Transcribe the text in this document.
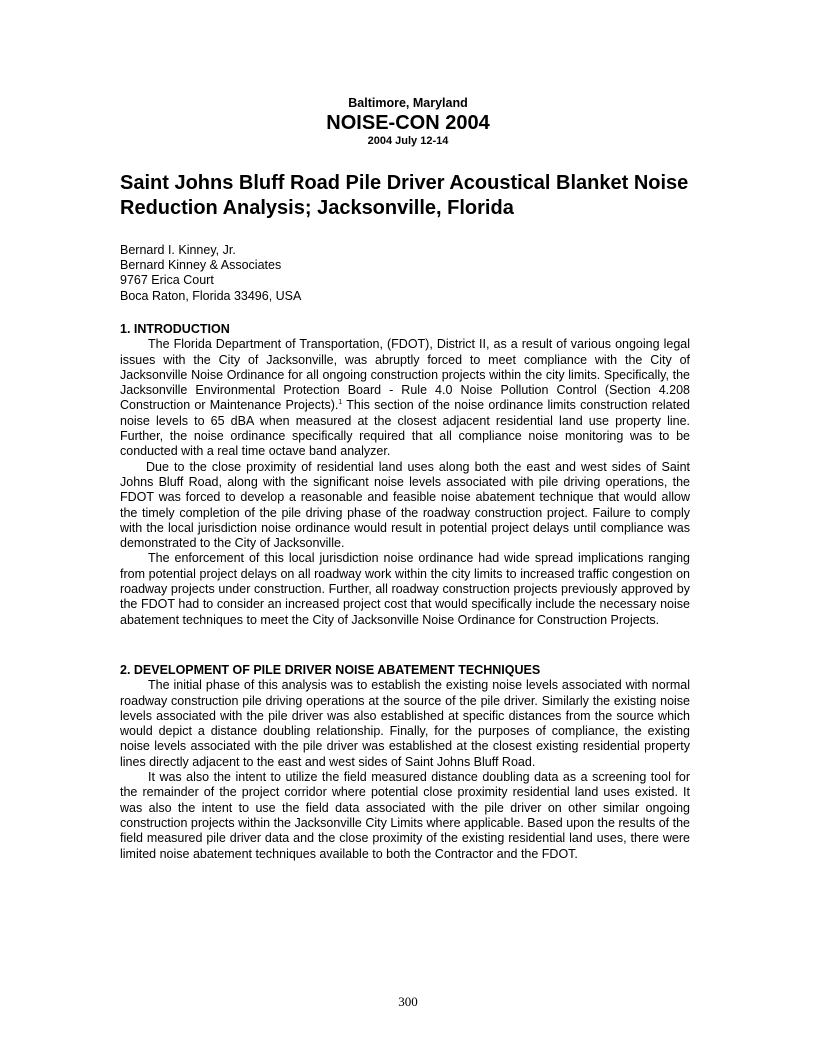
Baltimore, Maryland
NOISE-CON 2004
2004 July 12-14
Saint Johns Bluff Road Pile Driver Acoustical Blanket Noise Reduction Analysis; Jacksonville, Florida
Bernard I. Kinney, Jr.
Bernard Kinney & Associates
9767 Erica Court
Boca Raton, Florida 33496, USA
1. INTRODUCTION

The Florida Department of Transportation, (FDOT), District II, as a result of various ongoing legal issues with the City of Jacksonville, was abruptly forced to meet compliance with the City of Jacksonville Noise Ordinance for all ongoing construction projects within the city limits. Specifically, the Jacksonville Environmental Protection Board - Rule 4.0 Noise Pollution Control (Section 4.208 Construction or Maintenance Projects).$^1$ This section of the noise ordinance limits construction related noise levels to 65 dBA when measured at the closest adjacent residential land use property line. Further, the noise ordinance specifically required that all compliance noise monitoring was to be conducted with a real time octave band analyzer.

Due to the close proximity of residential land uses along both the east and west sides of Saint Johns Bluff Road, along with the significant noise levels associated with pile driving operations, the FDOT was forced to develop a reasonable and feasible noise abatement technique that would allow the timely completion of the pile driving phase of the roadway construction project. Failure to comply with the local jurisdiction noise ordinance would result in potential project delays until compliance was demonstrated to the City of Jacksonville.

The enforcement of this local jurisdiction noise ordinance had wide spread implications ranging from potential project delays on all roadway work within the city limits to increased traffic congestion on roadway projects under construction. Further, all roadway construction projects previously approved by the FDOT had to consider an increased project cost that would specifically include the necessary noise abatement techniques to meet the City of Jacksonville Noise Ordinance for Construction Projects.

2. DEVELOPMENT OF PILE DRIVER NOISE ABATEMENT TECHNIQUES

The initial phase of this analysis was to establish the existing noise levels associated with normal roadway construction pile driving operations at the source of the pile driver. Similarly the existing noise levels associated with the pile driver was also established at specific distances from the source which would depict a distance doubling relationship. Finally, for the purposes of compliance, the existing noise levels associated with the pile driver was established at the closest existing residential property lines directly adjacent to the east and west sides of Saint Johns Bluff Road.

It was also the intent to utilize the field measured distance doubling data as a screening tool for the remainder of the project corridor where potential close proximity residential land uses existed. It was also the intent to use the field data associated with the pile driver on other similar ongoing construction projects within the Jacksonville City Limits where applicable. Based upon the results of the field measured pile driver data and the close proximity of the existing residential land uses, there were limited noise abatement techniques available to both the Contractor and the FDOT.

300
